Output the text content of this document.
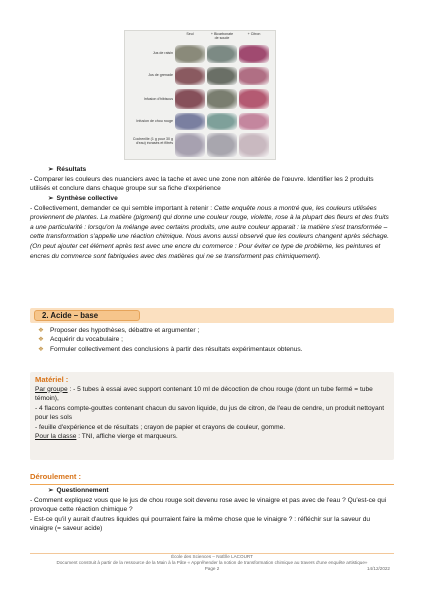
Seul	+ Bicarbonate de soude
+ Citron
Jus de raisin
Jus de grenade
Infusion d'hibiscus
Infusion de chou rouge
Cochenille (1 g pour 30 g d'eau) écrasés et filtrés
➢ Résultats
- Comparer les couleurs des nuanciers avec la tache et avec une zone non altérée de l'œuvre. Identifier les 2 produits utilisés et conclure dans chaque groupe sur sa fiche d'expérience
➢ Synthèse collective
- Collectivement, demander ce qui semble important à retenir : Cette enquête nous a montré que, les couleurs utilisées proviennent de plantes. La matière (pigment) qui donne une couleur rouge, violette, rose à la plupart des fleurs et des fruits a une particularité : lorsqu'on la mélange avec certains produits, une autre couleur apparait : la matière s'est transformée – cette transformation s'appelle une réaction chimique. Nous avons aussi observé que les couleurs changent après séchage. (On peut ajouter cet élément après test avec une encre du commerce : Pour éviter ce type de problème, les peintures et encres du commerce sont fabriquées avec des matières qui ne se transforment pas chimiquement).
2. Acide – base
❖ Proposer des hypothèses, débattre et argumenter ;
❖ Acquérir du vocabulaire ;
❖ Formuler collectivement des conclusions à partir des résultats expérimentaux obtenus.
Matériel :
Par groupe : - 5 tubes à essai avec support contenant 10 ml de décoction de chou rouge (dont un tube fermé = tube témoin),
- 4 flacons compte-gouttes contenant chacun du savon liquide, du jus de citron, de l'eau de cendre, un produit nettoyant pour les sols
- feuille d'expérience et de résultats ; crayon de papier et crayons de couleur, gomme.
Pour la classe : TNI, affiche vierge et marqueurs.
Déroulement :
➢ Questionnement
- Comment expliquez vous que le jus de chou rouge soit devenu rose avec le vinaigre et pas avec de l'eau ? Qu'est-ce qui provoque cette réaction chimique ?
- Est-ce qu'il y aurait d'autres liquides qui pourraient faire la même chose que le vinaigre ? : réfléchir sur la saveur du vinaigre (= saveur acide)
École des Sciences – NoÉlle LACOURT
Document construit à partir de la ressource de la Main à la Pâte « Appréhender la notion de transformation chimique au travers d'une enquête artistique»
Page 2	14/12/2022
